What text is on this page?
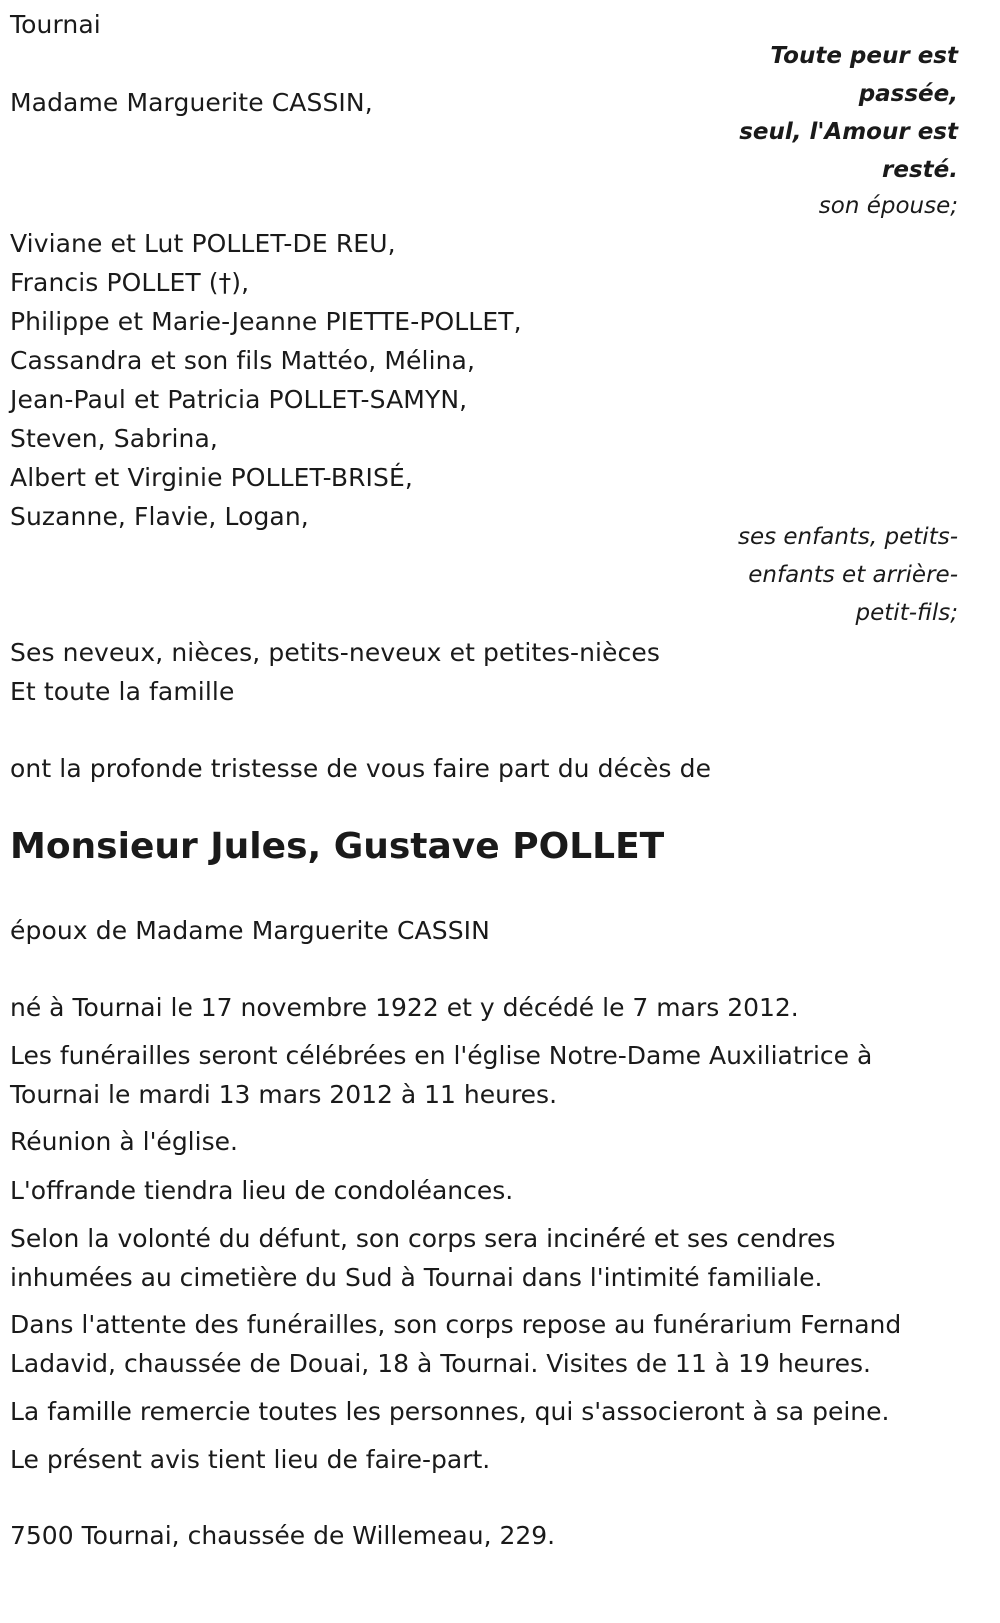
Tournai
Madame Marguerite CASSIN,
Toute peur est
passée,
seul, l'Amour est
resté.
son épouse;
Viviane et Lut POLLET-DE REU,
Francis POLLET (†),
Philippe et Marie-Jeanne PIETTE-POLLET,
Cassandra et son fils Mattéo, Mélina,
Jean-Paul et Patricia POLLET-SAMYN,
Steven, Sabrina,
Albert et Virginie POLLET-BRISÉ,
Suzanne, Flavie, Logan,
ses enfants, petits-
enfants et arrière-
petit-fils;
Ses neveux, nièces, petits-neveux et petites-nièces
Et toute la famille
ont la profonde tristesse de vous faire part du décès de
Monsieur Jules, Gustave POLLET
époux de Madame Marguerite CASSIN
né à Tournai le 17 novembre 1922 et y décédé le 7 mars 2012.
Les funérailles seront célébrées en l'église Notre-Dame Auxiliatrice à
Tournai le mardi 13 mars 2012 à 11 heures.
Réunion à l'église.
L'offrande tiendra lieu de condoléances.
Selon la volonté du défunt, son corps sera inciné́ré et ses cendres
inhumées au cimetière du Sud à Tournai dans l'intimité familiale.
Dans l'attente des funérailles, son corps repose au funérarium Fernand
Ladavid, chaussée de Douai, 18 à Tournai. Visites de 11 à 19 heures.
La famille remercie toutes les personnes, qui s'associeront à sa peine.
Le présent avis tient lieu de faire-part.
7500 Tournai, chaussée de Willemeau, 229.
